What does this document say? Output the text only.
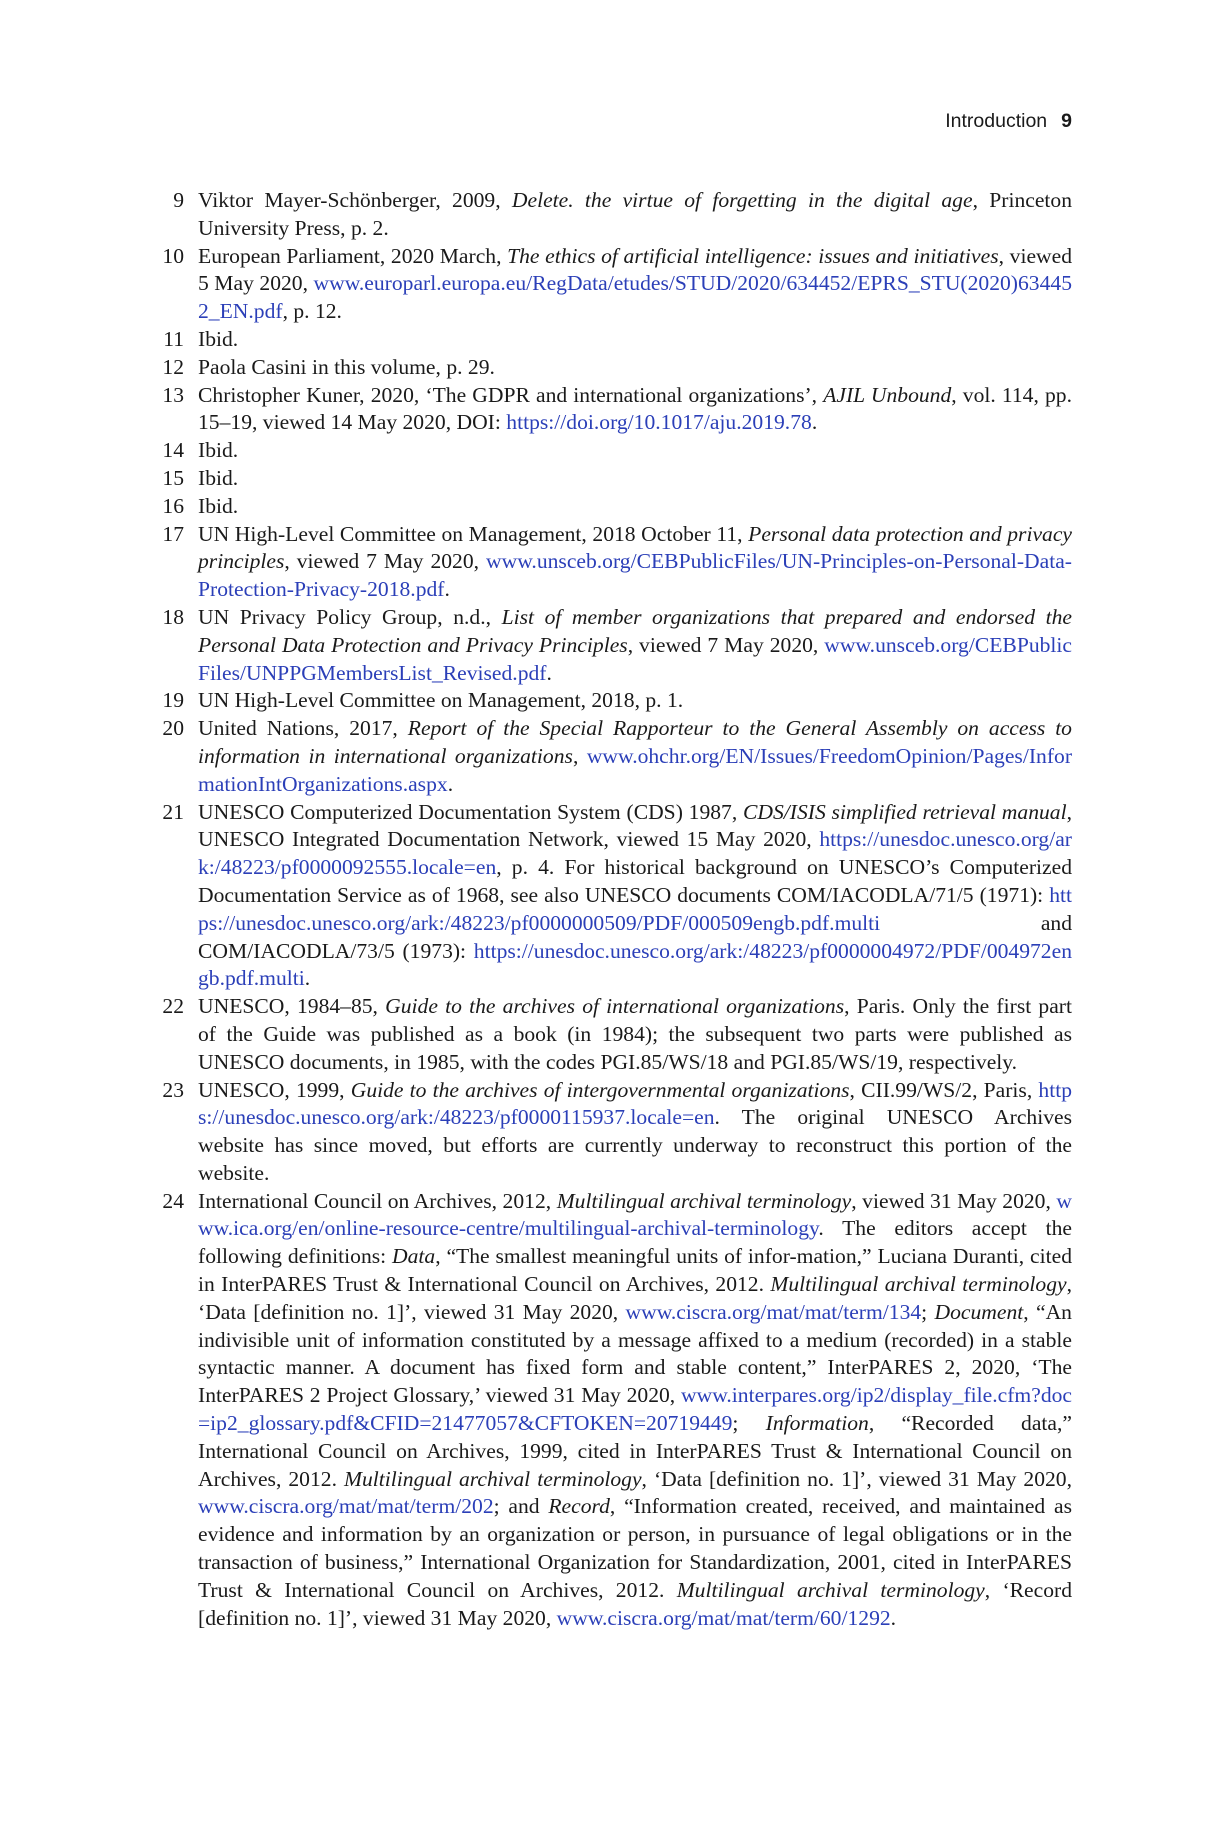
Introduction 9
9 Viktor Mayer-Schönberger, 2009, Delete. the virtue of forgetting in the digital age, Princeton University Press, p. 2.
10 European Parliament, 2020 March, The ethics of artificial intelligence: issues and initiatives, viewed 5 May 2020, www.europarl.europa.eu/RegData/etudes/STUD/2020/634452/EPRS_STU(2020)634452_EN.pdf, p. 12.
11 Ibid.
12 Paola Casini in this volume, p. 29.
13 Christopher Kuner, 2020, ‘The GDPR and international organizations’, AJIL Unbound, vol. 114, pp. 15–19, viewed 14 May 2020, DOI: https://doi.org/10.1017/aju.2019.78.
14 Ibid.
15 Ibid.
16 Ibid.
17 UN High-Level Committee on Management, 2018 October 11, Personal data protection and privacy principles, viewed 7 May 2020, www.unsceb.org/CEBPublicFiles/UN-Principles-on-Personal-Data-Protection-Privacy-2018.pdf.
18 UN Privacy Policy Group, n.d., List of member organizations that prepared and endorsed the Personal Data Protection and Privacy Principles, viewed 7 May 2020, www.unsceb.org/CEBPublicFiles/UNPPGMembersList_Revised.pdf.
19 UN High-Level Committee on Management, 2018, p. 1.
20 United Nations, 2017, Report of the Special Rapporteur to the General Assembly on access to information in international organizations, www.ohchr.org/EN/Issues/FreedomOpinion/Pages/InformationIntOrganizations.aspx.
21 UNESCO Computerized Documentation System (CDS) 1987, CDS/ISIS simplified retrieval manual, UNESCO Integrated Documentation Network, viewed 15 May 2020, https://unesdoc.unesco.org/ark:/48223/pf0000092555.locale=en, p. 4. For historical background on UNESCO’s Computerized Documentation Service as of 1968, see also UNESCO documents COM/IACODLA/71/5 (1971): https://unesdoc.unesco.org/ark:/48223/pf0000000509/PDF/000509engb.pdf.multi and COM/IACODLA/73/5 (1973): https://unesdoc.unesco.org/ark:/48223/pf0000004972/PDF/004972engb.pdf.multi.
22 UNESCO, 1984–85, Guide to the archives of international organizations, Paris. Only the first part of the Guide was published as a book (in 1984); the subsequent two parts were published as UNESCO documents, in 1985, with the codes PGI.85/WS/18 and PGI.85/WS/19, respectively.
23 UNESCO, 1999, Guide to the archives of intergovernmental organizations, CII.99/WS/2, Paris, https://unesdoc.unesco.org/ark:/48223/pf0000115937.locale=en. The original UNESCO Archives website has since moved, but efforts are currently underway to reconstruct this portion of the website.
24 International Council on Archives, 2012, Multilingual archival terminology, viewed 31 May 2020, www.ica.org/en/online-resource-centre/multilingual-archival-terminology. The editors accept the following definitions: Data, “The smallest meaningful units of infor-mation,” Luciana Duranti, cited in InterPARES Trust & International Council on Archives, 2012. Multilingual archival terminology, ‘Data [definition no. 1]’, viewed 31 May 2020, www.ciscra.org/mat/mat/term/134; Document, “An indivisible unit of information constituted by a message affixed to a medium (recorded) in a stable syntactic manner. A document has fixed form and stable content,” InterPARES 2, 2020, ‘The InterPARES 2 Project Glossary,’ viewed 31 May 2020, www.interpares.org/ip2/display_file.cfm?doc=ip2_glossary.pdf&CFID=21477057&CFTOKEN=20719449; Information, “Recorded data,” International Council on Archives, 1999, cited in InterPARES Trust & International Council on Archives, 2012. Multilingual archival terminology, ‘Data [definition no. 1]’, viewed 31 May 2020, www.ciscra.org/mat/mat/term/202; and Record, “Information created, received, and maintained as evidence and information by an organization or person, in pursuance of legal obligations or in the transaction of business,” International Organization for Standardization, 2001, cited in InterPARES Trust & International Council on Archives, 2012. Multilingual archival terminology, ‘Record [definition no. 1]’, viewed 31 May 2020, www.ciscra.org/mat/mat/term/60/1292.
